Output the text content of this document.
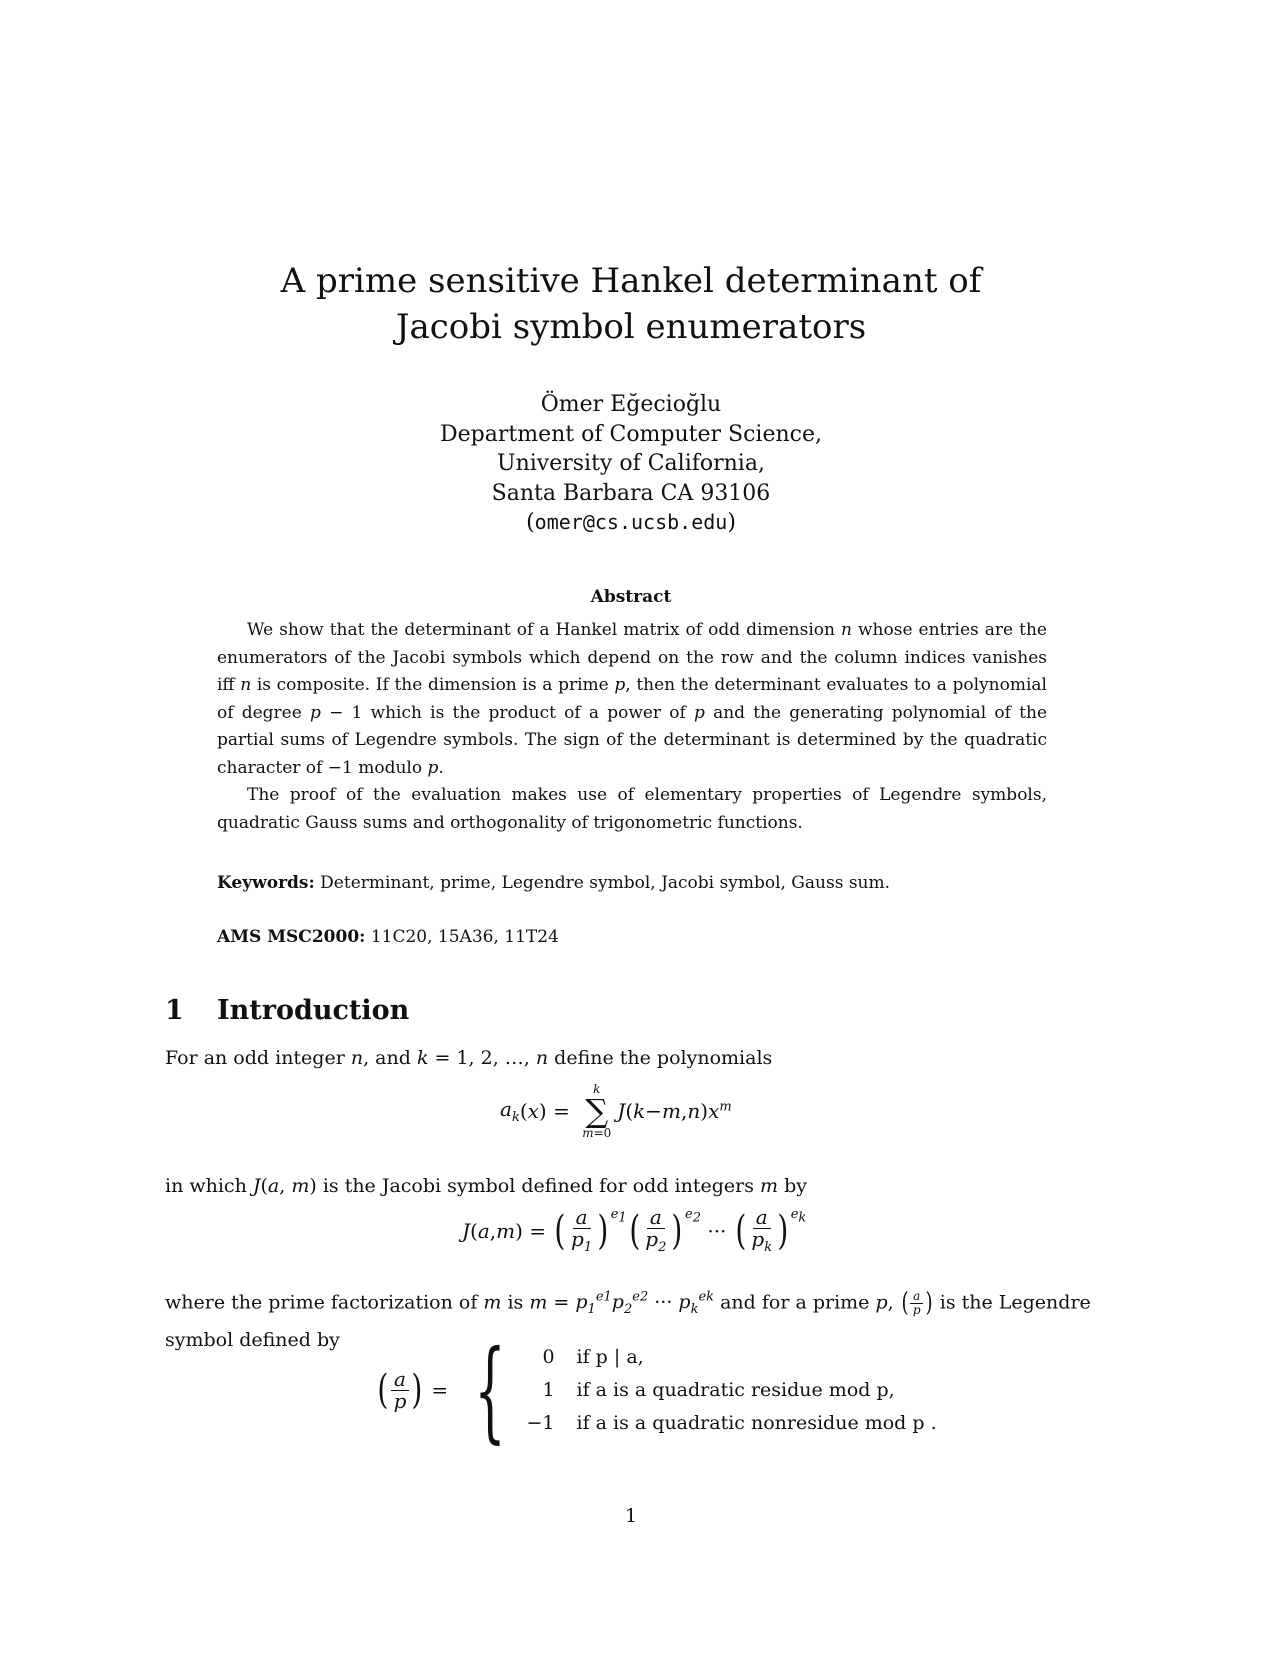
A prime sensitive Hankel determinant of
Jacobi symbol enumerators
Ömer Eğecioğlu
Department of Computer Science,
University of California,
Santa Barbara CA 93106
(omer@cs.ucsb.edu)
Abstract

We show that the determinant of a Hankel matrix of odd dimension n whose entries are the enumerators of the Jacobi symbols which depend on the row and the column indices vanishes iff n is composite. If the dimension is a prime p, then the determinant evaluates to a polynomial of degree p − 1 which is the product of a power of p and the generating polynomial of the partial sums of Legendre symbols. The sign of the determinant is determined by the quadratic character of −1 modulo p.

The proof of the evaluation makes use of elementary properties of Legendre symbols, quadratic Gauss sums and orthogonality of trigonometric functions.

Keywords: Determinant, prime, Legendre symbol, Jacobi symbol, Gauss sum.
AMS MSC2000: 11C20, 15A36, 11T24
1 Introduction
For an odd integer n, and k = 1, 2, …, n define the polynomials
$a_k$ ( x ) =
k
∑
m=0
J ( k − m , n ) $x^m$
in which J(a, m) is the Jacobi symbol defined for odd integers m by
J ( a , m ) = ( $\frac{a}{p_1} )^{e_1}$ ( $\frac{a}{p_2} )^{e_2}$
··· ( $\frac{a}{p_k} )^{e_k}$
where the prime factorization of m is $m = p_1^{e1}p_2^{e2}$ ··· $p_k^{ek}$ and for a prime p, ( $\frac{a}{p}$ ) is the Legendre symbol defined by
( $\frac{a}{p}$ ) = { 0	if p | a,
1	if a is a quadratic residue mod p,
−1	if a is a quadratic nonresidue mod p .
1
